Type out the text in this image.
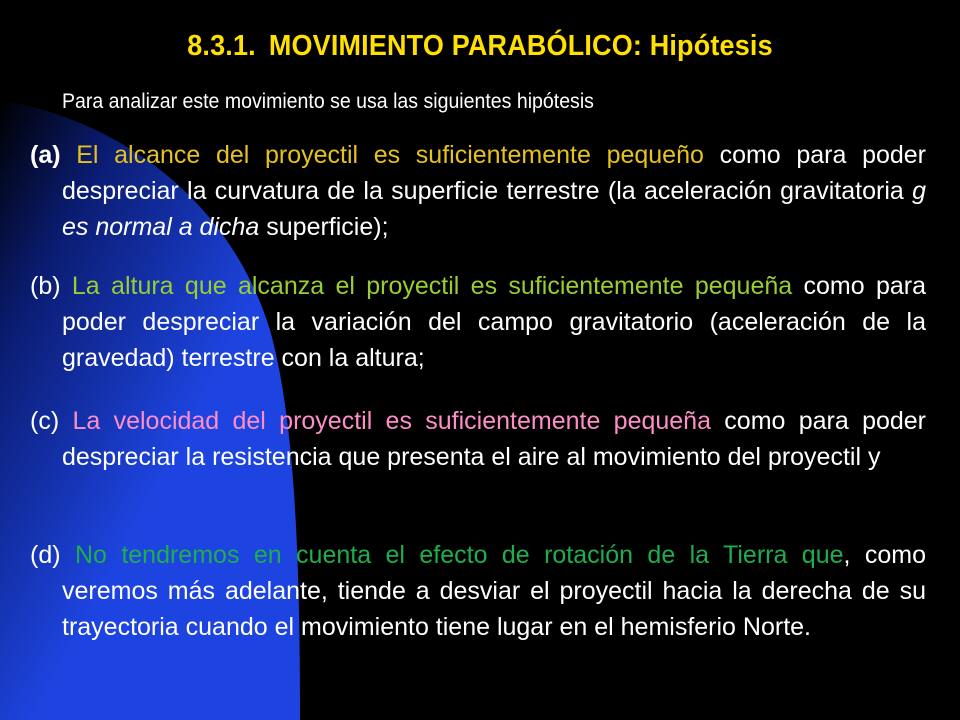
8.3.1. MOVIMIENTO PARABÓLICO: Hipótesis
Para analizar este movimiento se usa las siguientes hipótesis
(a) El alcance del proyectil es suficientemente pequeño como para poder despreciar la curvatura de la superficie terrestre (la aceleración gravitatoria g es normal a dicha superficie);
(b) La altura que alcanza el proyectil es suficientemente pequeña como para poder despreciar la variación del campo gravitatorio (aceleración de la gravedad) terrestre con la altura;
(c) La velocidad del proyectil es suficientemente pequeña como para poder despreciar la resistencia que presenta el aire al movimiento del proyectil y
(d) No tendremos en cuenta el efecto de rotación de la Tierra que, como veremos más adelante, tiende a desviar el proyectil hacia la derecha de su trayectoria cuando el movimiento tiene lugar en el hemisferio Norte.
